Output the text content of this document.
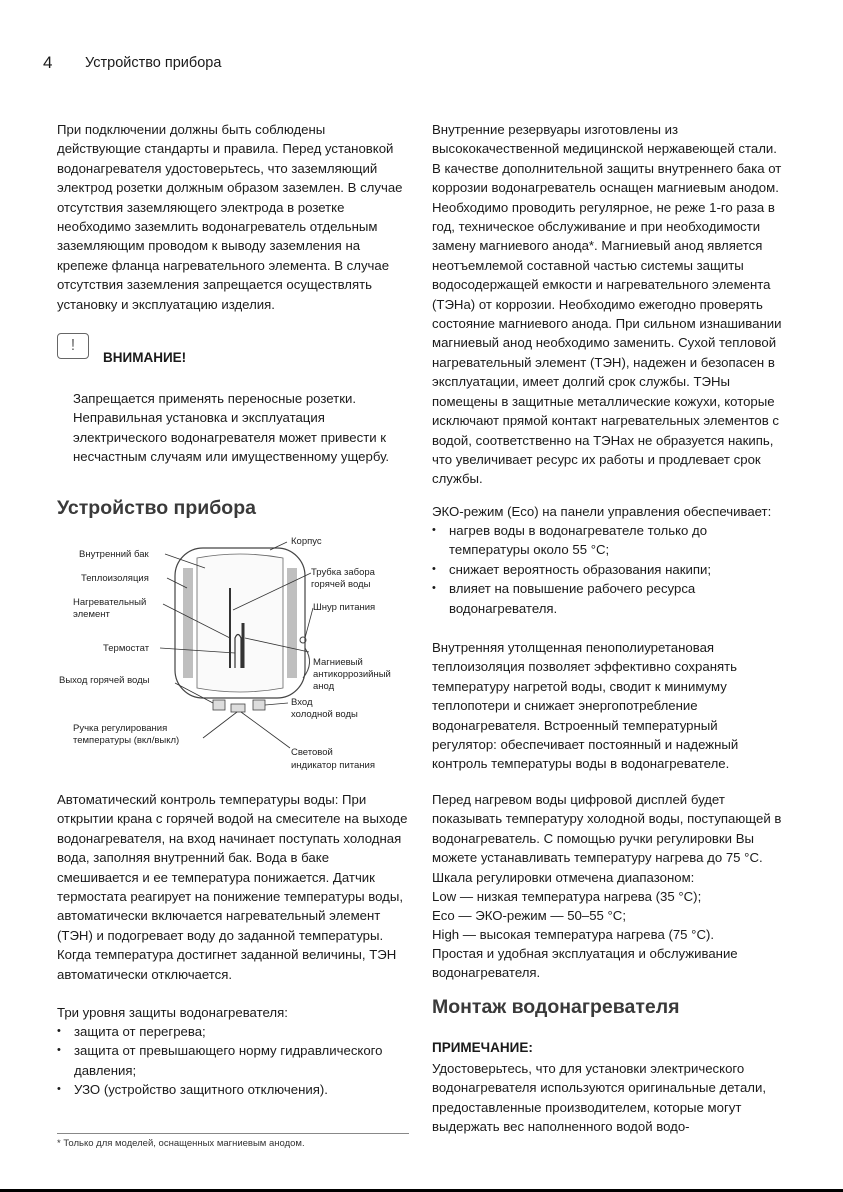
4 Устройство прибора

При подключении должны быть соблюдены действующие стандарты и правила. Перед установкой водонагревателя удостоверьтесь, что заземляющий электрод розетки должным образом заземлен. В случае отсутствия заземляющего электрода в розетке необходимо заземлить водонагреватель отдельным заземляющим проводом к выводу заземления на крепеже фланца нагревательного элемента. В случае отсутствия заземления запрещается осуществлять установку и эксплуатацию изделия.

!
ВНИМАНИЕ!

Запрещается применять переносные розетки. Неправильная установка и эксплуатация электрического водонагревателя может привести к несчастным случаям или имущественному ущербу.

Устройство прибора
Внутренний бак
Теплоизоляция
Нагревательный
элемент
Термостат
Выход горячей воды
Ручка регулирования
температуры (вкл/выкл)
Корпус
Трубка забора
горячей воды
Шнур питания
Магниевый
антикоррозийный
анод
Вход
холодной воды
Световой
индикатор питания

Автоматический контроль температуры воды: При открытии крана с горячей водой на смесителе на выходе водонагревателя, на вход начинает поступать холодная вода, заполняя внутренний бак. Вода в баке смешивается и ее температура понижается. Датчик термостата реагирует на понижение температуры воды, автоматически включается нагревательный элемент (ТЭН) и подогревает воду до заданной температуры. Когда температура достигнет заданной величины, ТЭН автоматически отключается.

Три уровня защиты водонагревателя:

• защита от перегрева;
• защита от превышающего норму гидравлического давления;
• УЗО (устройство защитного отключения).
* Только для моделей, оснащенных магниевым анодом.

Внутренние резервуары изготовлены из высококачественной медицинской нержавеющей стали. В качестве дополнительной защиты внутреннего бака от коррозии водонагреватель оснащен магниевым анодом. Необходимо проводить регулярное, не реже 1-го раза в год, техническое обслуживание и при необходимости замену магниевого анода*. Магниевый анод является неотъемлемой составной частью системы защиты водосодержащей емкости и нагревательного элемента (ТЭНа) от коррозии. Необходимо ежегодно проверять состояние магниевого анода. При сильном изнашивании магниевый анод необходимо заменить. Сухой тепловой нагревательный элемент (ТЭН), надежен и безопасен в эксплуатации, имеет долгий срок службы. ТЭНы помещены в защитные металлические кожухи, которые исключают прямой контакт нагревательных элементов с водой, соответственно на ТЭНах не образуется накипь, что увеличивает ресурс их работы и продлевает срок службы.

ЭКО-режим (Eco) на панели управления обеспечивает:

• нагрев воды в водонагревателе только до температуры около 55 °C;
• снижает вероятность образования накипи;
• влияет на повышение рабочего ресурса водонагревателя.

Внутренняя утолщенная пенополиуретановая теплоизоляция позволяет эффективно сохранять температуру нагретой воды, сводит к минимуму теплопотери и снижает энергопотребление водонагревателя. Встроенный температурный регулятор: обеспечивает постоянный и надежный контроль температуры воды в водонагревателе.

Перед нагревом воды цифровой дисплей будет показывать температуру холодной воды, поступающей в водонагреватель. С помощью ручки регулировки Вы можете устанавливать температуру нагрева до 75 °C. Шкала регулировки отмечена диапазоном:

Low — низкая температура нагрева (35 °C);

Eco — ЭКО-режим — 50–55 °C;

High — высокая температура нагрева (75 °C).

Простая и удобная эксплуатация и обслуживание водонагревателя.

Монтаж водонагревателя
ПРИМЕЧАНИЕ:

Удостоверьтесь, что для установки электрического водонагревателя используются оригинальные детали, предоставленные производителем, которые могут выдержать вес наполненного водой водо-
